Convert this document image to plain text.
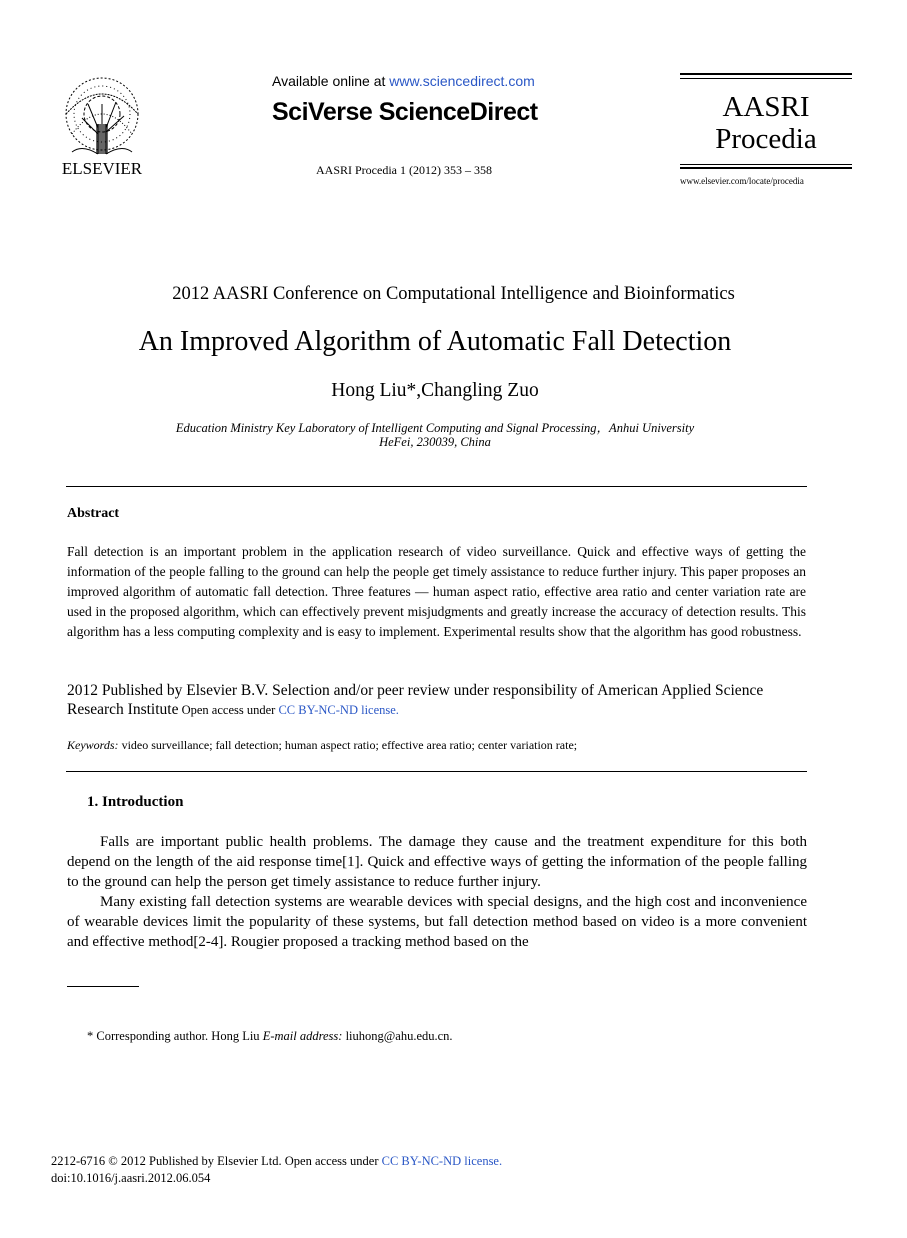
ELSEVIER
Available online at www.sciencedirect.com
SciVerse ScienceDirect
AASRI Procedia 1 (2012) 353 – 358
AASRI
Procedia
www.elsevier.com/locate/procedia
2012 AASRI Conference on Computational Intelligence and Bioinformatics
An Improved Algorithm of Automatic Fall Detection
Hong Liu*,Changling Zuo
Education Ministry Key Laboratory of Intelligent Computing and Signal Processing，Anhui University
HeFei, 230039, China
Abstract
Fall detection is an important problem in the application research of video surveillance. Quick and effective ways of getting the information of the people falling to the ground can help the people get timely assistance to reduce further injury. This paper proposes an improved algorithm of automatic fall detection. Three features — human aspect ratio, effective area ratio and center variation rate are used in the proposed algorithm, which can effectively prevent misjudgments and greatly increase the accuracy of detection results. This algorithm has a less computing complexity and is easy to implement. Experimental results show that the algorithm has good robustness.
2012 Published by Elsevier B.V. Selection and/or peer review under responsibility of American Applied Science Research Institute Open access under CC BY-NC-ND license.
Keywords: video surveillance; fall detection; human aspect ratio; effective area ratio; center variation rate;
1. Introduction

Falls are important public health problems. The damage they cause and the treatment expenditure for this both depend on the length of the aid response time[1]. Quick and effective ways of getting the information of the people falling to the ground can help the person get timely assistance to reduce further injury.

Many existing fall detection systems are wearable devices with special designs, and the high cost and inconvenience of wearable devices limit the popularity of these systems, but fall detection method based on video is a more convenient and effective method[2-4]. Rougier proposed a tracking method based on the

* Corresponding author. Hong Liu E-mail address: liuhong@ahu.edu.cn.
2212-6716 © 2012 Published by Elsevier Ltd. Open access under CC BY-NC-ND license.
doi:10.1016/j.aasri.2012.06.054
